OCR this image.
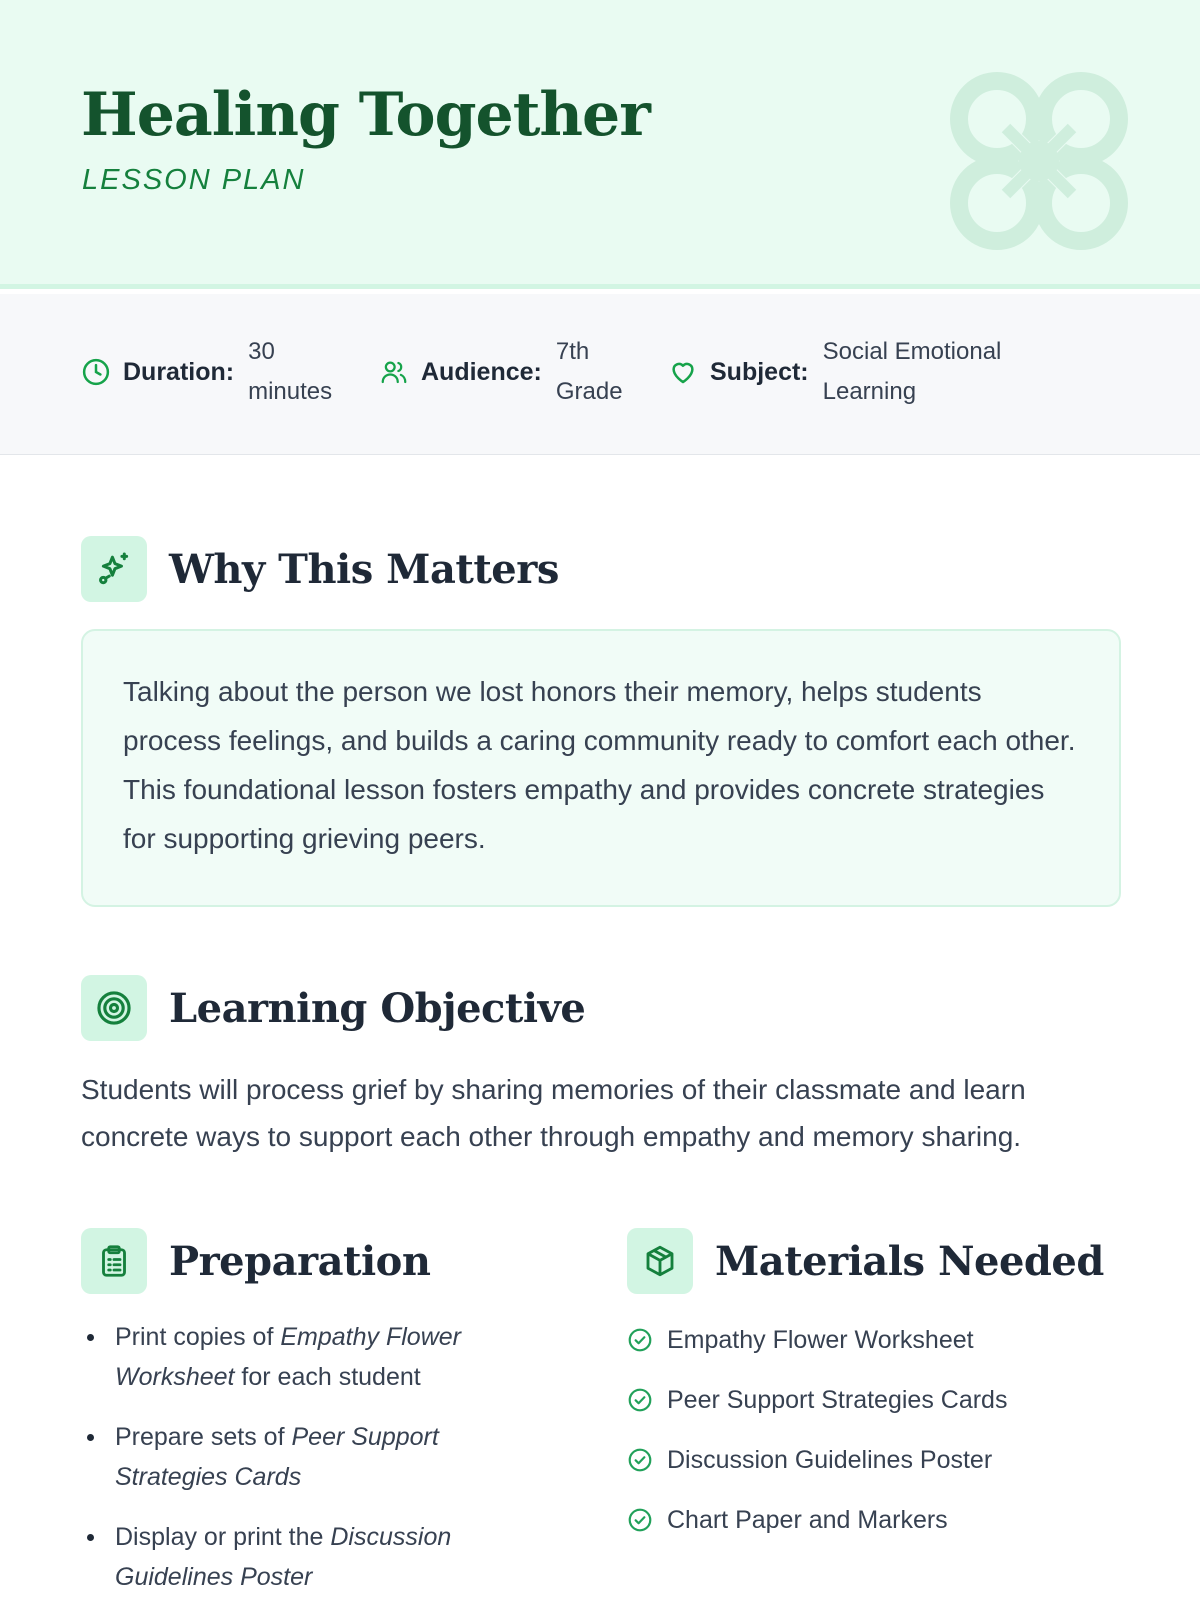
Healing Together
LESSON PLAN
Duration:
30
minutes
Audience:
7th
Grade
Subject:
Social Emotional
Learning
Why This Matters

Talking about the person we lost honors their memory, helps students process feelings, and builds a caring community ready to comfort each other. This foundational lesson fosters empathy and provides concrete strategies for supporting grieving peers.

Learning Objective

Students will process grief by sharing memories of their classmate and learn concrete ways to support each other through empathy and memory sharing.

Preparation
Print copies of Empathy Flower Worksheet for each student
Prepare sets of Peer Support Strategies Cards
Display or print the Discussion Guidelines Poster
Materials Needed
Empathy Flower Worksheet
Peer Support Strategies Cards
Discussion Guidelines Poster
Chart Paper and Markers
